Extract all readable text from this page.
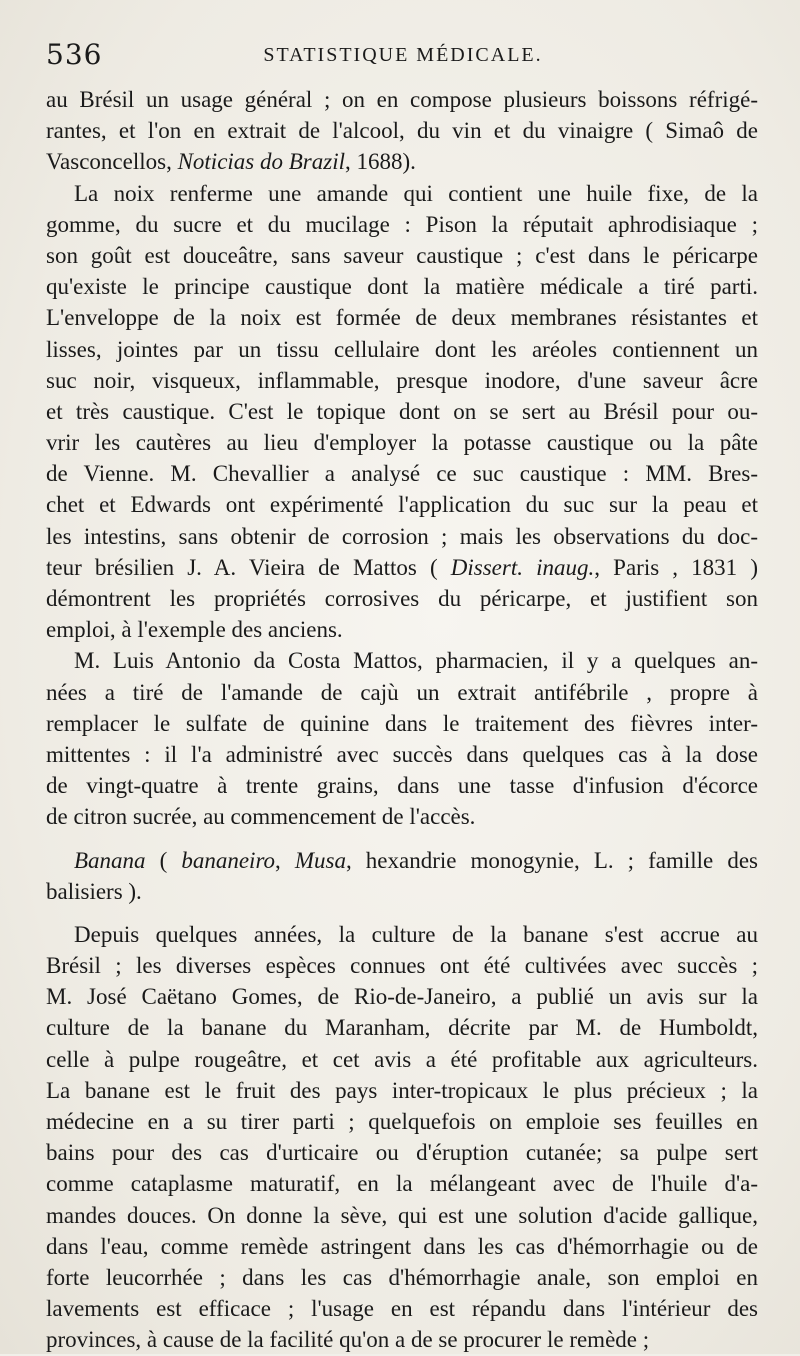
536	STATISTIQUE MÉDICALE.
au Brésil un usage général ; on en compose plusieurs boissons réfrigé-
rantes, et l'on en extrait de l'alcool, du vin et du vinaigre ( Simaô de
Vasconcellos, Noticias do Brazil, 1688).
La noix renferme une amande qui contient une huile fixe, de la
gomme, du sucre et du mucilage : Pison la réputait aphrodisiaque ;
son goût est douceâtre, sans saveur caustique ; c'est dans le péricarpe
qu'existe le principe caustique dont la matière médicale a tiré parti.
L'enveloppe de la noix est formée de deux membranes résistantes et
lisses, jointes par un tissu cellulaire dont les aréoles contiennent un
suc noir, visqueux, inflammable, presque inodore, d'une saveur âcre
et très caustique. C'est le topique dont on se sert au Brésil pour ou-
vrir les cautères au lieu d'employer la potasse caustique ou la pâte
de Vienne. M. Chevallier a analysé ce suc caustique : MM. Bres-
chet et Edwards ont expérimenté l'application du suc sur la peau et
les intestins, sans obtenir de corrosion ; mais les observations du doc-
teur brésilien J. A. Vieira de Mattos ( Dissert. inaug., Paris , 1831 )
démontrent les propriétés corrosives du péricarpe, et justifient son
emploi, à l'exemple des anciens.
M. Luis Antonio da Costa Mattos, pharmacien, il y a quelques an-
nées a tiré de l'amande de cajù un extrait antifébrile , propre à
remplacer le sulfate de quinine dans le traitement des fièvres inter-
mittentes : il l'a administré avec succès dans quelques cas à la dose
de vingt-quatre à trente grains, dans une tasse d'infusion d'écorce
de citron sucrée, au commencement de l'accès.
Banana ( bananeiro, Musa, hexandrie monogynie, L. ; famille des
balisiers ).
Depuis quelques années, la culture de la banane s'est accrue au
Brésil ; les diverses espèces connues ont été cultivées avec succès ;
M. José Caëtano Gomes, de Rio-de-Janeiro, a publié un avis sur la
culture de la banane du Maranham, décrite par M. de Humboldt,
celle à pulpe rougeâtre, et cet avis a été profitable aux agriculteurs.
La banane est le fruit des pays inter-tropicaux le plus précieux ; la
médecine en a su tirer parti ; quelquefois on emploie ses feuilles en
bains pour des cas d'urticaire ou d'éruption cutanée; sa pulpe sert
comme cataplasme maturatif, en la mélangeant avec de l'huile d'a-
mandes douces. On donne la sève, qui est une solution d'acide gallique,
dans l'eau, comme remède astringent dans les cas d'hémorrhagie ou de
forte leucorrhée ; dans les cas d'hémorrhagie anale, son emploi en
lavements est efficace ; l'usage en est répandu dans l'intérieur des
provinces, à cause de la facilité qu'on a de se procurer le remède ;
